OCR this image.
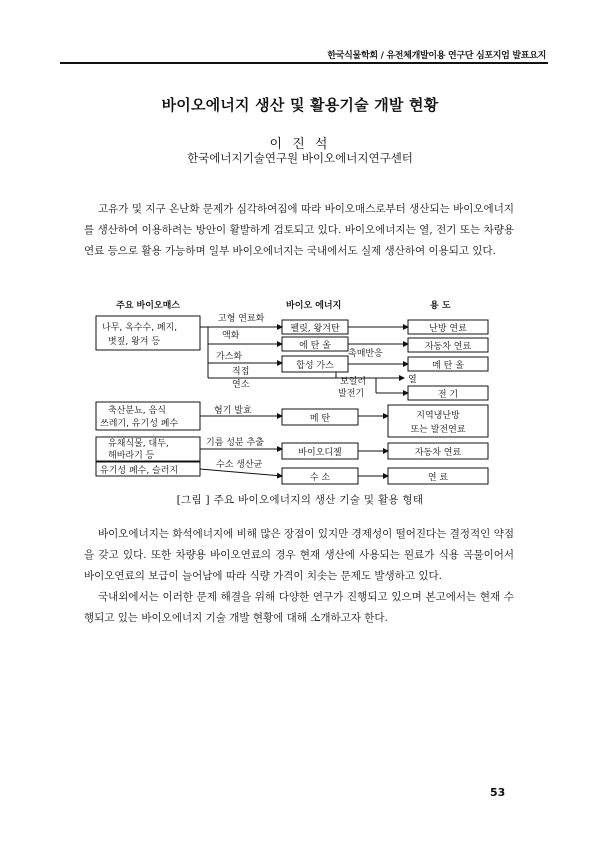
한국식물학회 / 유전체개발이용 연구단 심포지엄 발표요지
바이오에너지 생산 및 활용기술 개발 현황
이 진 석
한국에너지기술연구원 바이오에너지연구센터

고유가 및 지구 온난화 문제가 심각하여짐에 따라 바이오매스로부터 생산되는 바이오에너지를 생산하여 이용하려는 방안이 활발하게 검토되고 있다. 바이오에너지는 열, 전기 또는 차량용 연료 등으로 활용 가능하며 일부 바이오에너지는 국내에서도 실제 생산하여 이용되고 있다.

주요 바이오매스	바이오 에너지	용 도
나무, 옥수수, 폐지,
볏짚, 왕겨 등
축산분뇨, 음식
쓰레기, 유기성 폐수
유채식물, 대두,
해바라기 등
유기성 폐수, 슬러지
고형 연료화
액화
가스화
직접
연소
혐기 발효
기름 성분 추출
수소 생산균
촉매반응
보일러
발전기
펠릿, 왕겨탄
에 탄 올
합성 가스
메 탄
바이오디젤
수 소
난방 연료
자동차 연료
메 탄 올
열
전 기
지역냉난방
또는 발전연료
자동차 연료
연 료
[그림 ] 주요 바이오에너지의 생산 기술 및 활용 형태

바이오에너지는 화석에너지에 비해 많은 장점이 있지만 경제성이 떨어진다는 결정적인 약점을 갖고 있다. 또한 차량용 바이오연료의 경우 현재 생산에 사용되는 원료가 식용 곡물이어서 바이오연료의 보급이 늘어남에 따라 식량 가격이 치솟는 문제도 발생하고 있다.

국내외에서는 이러한 문제 해결을 위해 다양한 연구가 진행되고 있으며 본고에서는 현재 수행되고 있는 바이오에너지 기술 개발 현황에 대해 소개하고자 한다.

53
